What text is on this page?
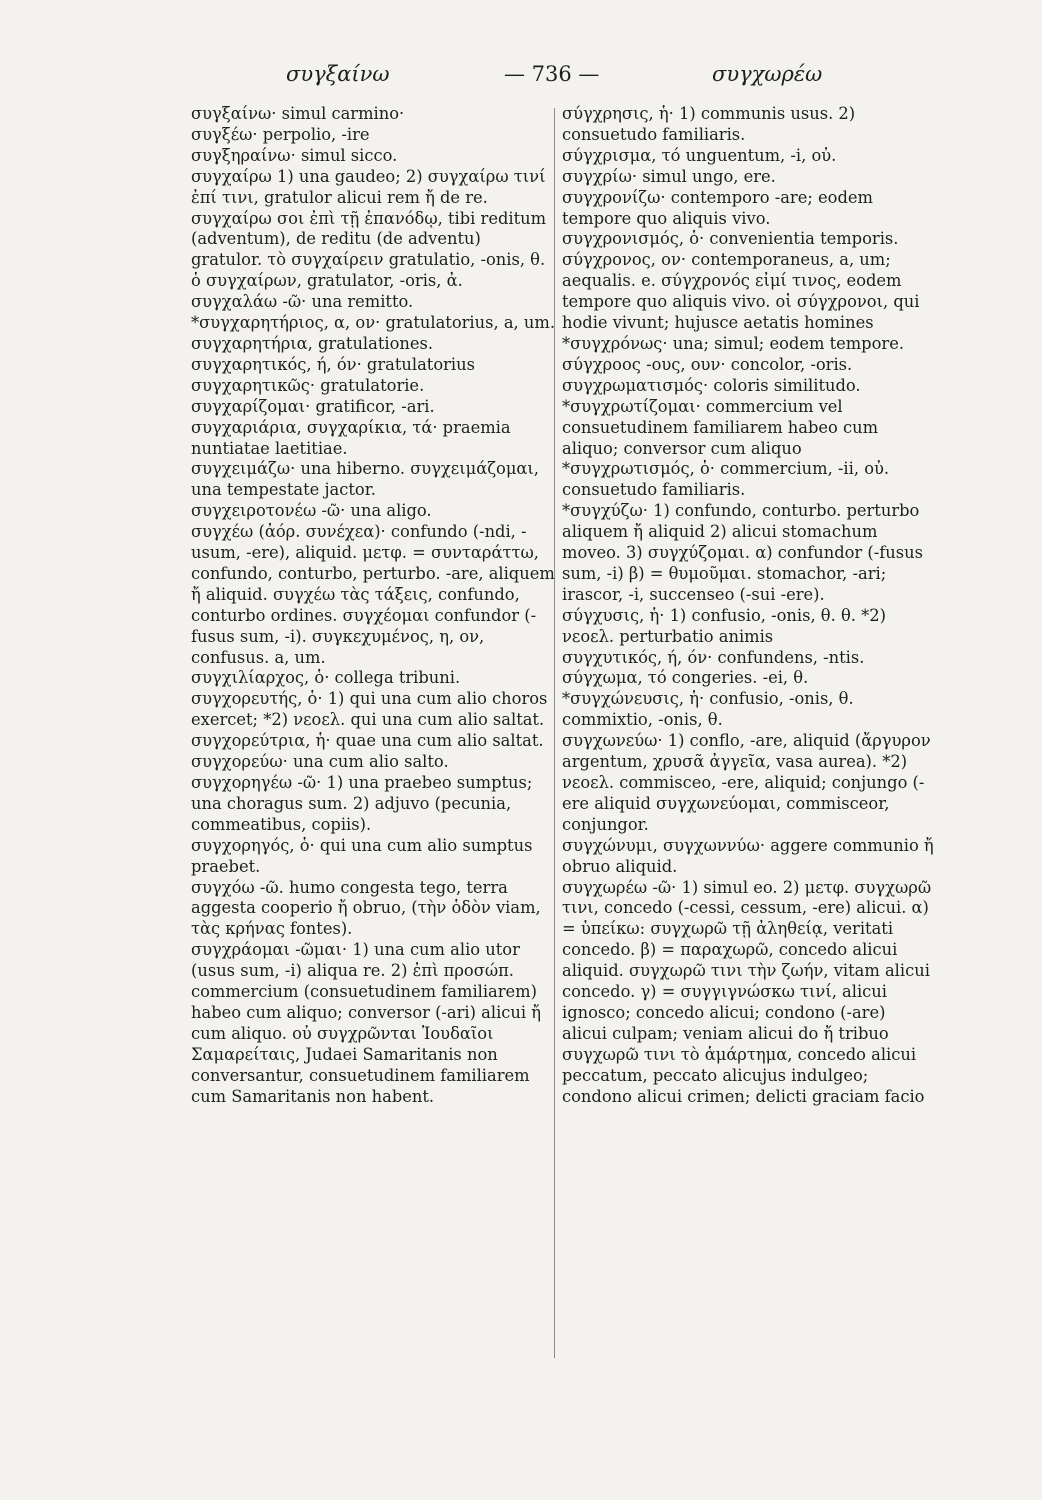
συγξαίνω	— 736 —	συγχωρέω

συγξαίνω· simul carmino·

συγξέω· perpolio, -ire

συγξηραίνω· simul sicco.

συγχαίρω 1) una gaudeo; 2) συγχαίρω τινί ἐπί τινι, gratulor alicui rem ἤ de re. συγχαίρω σοι ἐπὶ τῇ ἐπανόδῳ, tibi reditum (adventum), de reditu (de adventu) gratulor. τὸ συγχαίρειν gratulatio, -onis, θ. ὁ συγχαίρων, gratulator, -oris, ἀ.

συγχαλάω -ῶ· una remitto.

*συγχαρητήριος, α, ον· gratulatorius, a, um. συγχαρητήρια, gratulationes.

συγχαρητικός, ή, όν· gratulatorius

συγχαρητικῶς· gratulatorie.

συγχαρίζομαι· gratificor, -ari.

συγχαριάρια, συγχαρίκια, τά· praemia nuntiatae laetitiae.

συγχειμάζω· una hiberno. συγχειμάζομαι, una tempestate jactor.

συγχειροτονέω -ῶ· una aligo.

συγχέω (ἀόρ. συνέχεα)· confundo (-ndi, -usum, -ere), aliquid. μετφ. = συνταράττω, confundo, conturbo, perturbo. -are, aliquem ἤ aliquid. συγχέω τὰς τάξεις, confundo, conturbo ordines. συγχέομαι confundor (-fusus sum, -i). συγκεχυμένος, η, ον, confusus. a, um.

συγχιλίαρχος, ὁ· collega tribuni.

συγχορευτής, ὁ· 1) qui una cum alio choros exercet; *2) νεοελ. qui una cum alio saltat.

συγχορεύτρια, ἡ· quae una cum alio saltat.

συγχορεύω· una cum alio salto.

συγχορηγέω -ῶ· 1) una praebeo sumptus; una choragus sum. 2) adjuvo (pecunia, commeatibus, copiis).

συγχορηγός, ὁ· qui una cum alio sumptus praebet.

συγχόω -ῶ. humo congesta tego, terra aggesta cooperio ἤ obruo, (τὴν ὁδὸν viam, τὰς κρήνας fontes).

συγχράομαι -ῶμαι· 1) una cum alio utor (usus sum, -i) aliqua re. 2) ἐπὶ προσώπ. commercium (consuetudinem familiarem) habeo cum aliquo; conversor (-ari) alicui ἤ cum aliquo. οὐ συγχρῶνται Ἰουδαῖοι Σαμαρείταις, Judaei Samaritanis non conversantur, consuetudinem familiarem cum Samaritanis non habent.

σύγχρησις, ἡ· 1) communis usus. 2) consuetudo familiaris.

σύγχρισμα, τό unguentum, -i, οὐ.

συγχρίω· simul ungo, ere.

συγχρονίζω· contemporo -are; eodem tempore quo aliquis vivo.

συγχρονισμός, ὁ· convenientia temporis.

σύγχρονος, ον· contemporaneus, a, um; aequalis. e. σύγχρονός εἰμί τινος, eodem tempore quo aliquis vivo. οἱ σύγχρονοι, qui hodie vivunt; hujusce aetatis homines

*συγχρόνως· una; simul; eodem tempore.

σύγχροος -ους, ουν· concolor, -oris.

συγχρωματισμός· coloris similitudo.

*συγχρωτίζομαι· commercium vel consuetudinem familiarem habeo cum aliquo; conversor cum aliquo

*συγχρωτισμός, ὁ· commercium, -ii, οὐ. consuetudo familiaris.

*συγχύζω· 1) confundo, conturbo. perturbo aliquem ἤ aliquid 2) alicui stomachum moveo. 3) συγχύζομαι. α) confundor (-fusus sum, -i) β) = θυμοῦμαι. stomachor, -ari; irascor, -i, succenseo (-sui -ere).

σύγχυσις, ἡ· 1) confusio, -onis, θ. θ. *2) νεοελ. perturbatio animis

συγχυτικός, ή, όν· confundens, -ntis.

σύγχωμα, τό congeries. -ei, θ.

*συγχώνευσις, ἡ· confusio, -onis, θ. commixtio, -onis, θ.

συγχωνεύω· 1) conflo, -are, aliquid (ἄργυρον argentum, χρυσᾶ ἀγγεῖα, vasa aurea). *2) νεοελ. commisceo, -ere, aliquid; conjungo (-ere aliquid συγχωνεύομαι, commisceor, conjungor.

συγχώνυμι, συγχωννύω· aggere communio ἤ obruo aliquid.

συγχωρέω -ῶ· 1) simul eo. 2) μετφ. συγχωρῶ τινι, concedo (-cessi, cessum, -ere) alicui. α) = ὑπείκω: συγχωρῶ τῇ ἀληθείᾳ, veritati concedo. β) = παραχωρῶ, concedo alicui aliquid. συγχωρῶ τινι τὴν ζωήν, vitam alicui concedo. γ) = συγγιγνώσκω τινί, alicui ignosco; concedo alicui; condono (-are) alicui culpam; veniam alicui do ἤ tribuo συγχωρῶ τινι τὸ ἁμάρτημα, concedo alicui peccatum, peccato alicujus indulgeo; condono alicui crimen; delicti graciam facio
